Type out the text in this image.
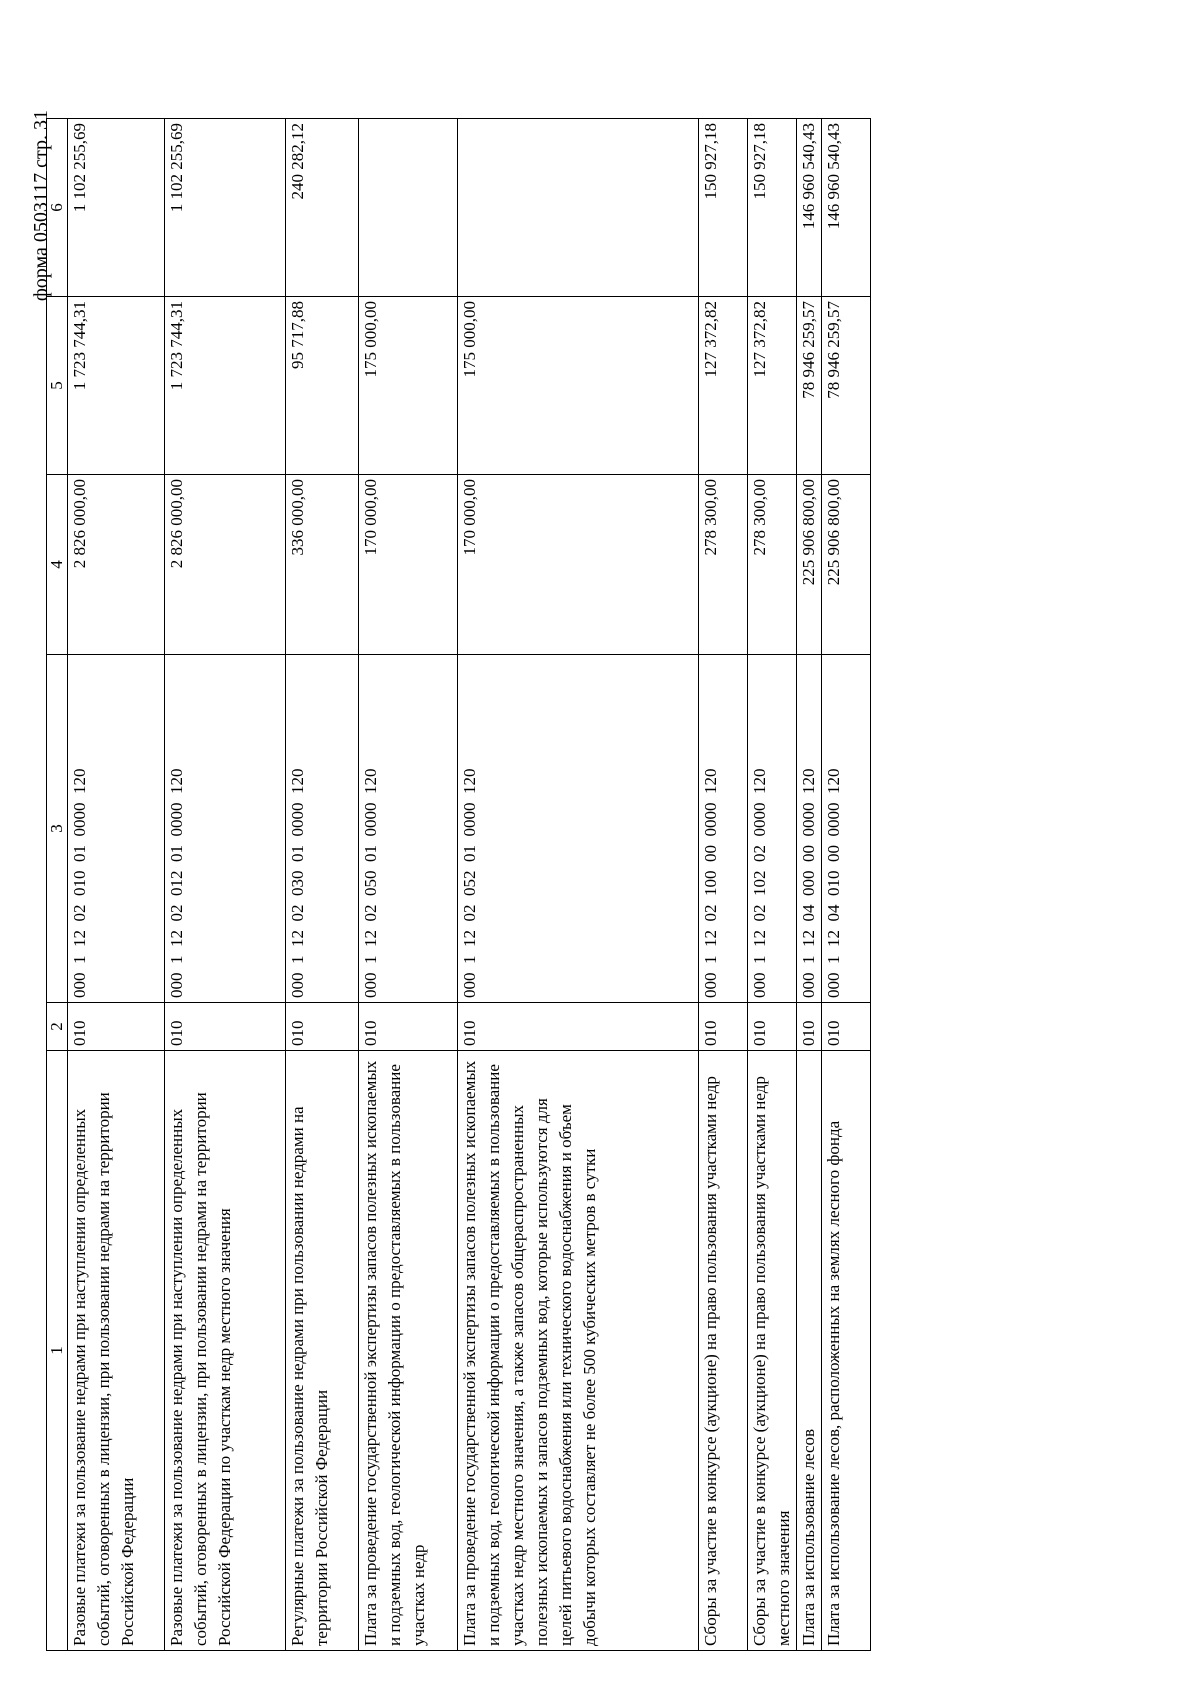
форма 0503117 стр. 31
1	2	3	4	5	6
Разовые платежи за пользование недрами при наступлении определенных событий, оговоренных в лицензии, при пользовании недрами на территории Российской Федерации	010	000  1  12  02  010  01  0000  120	2 826 000,00	1 723 744,31	1 102 255,69
Разовые платежи за пользование недрами при наступлении определенных событий, оговоренных в лицензии, при пользовании недрами на территории Российской Федерации по участкам недр местного значения	010	000  1  12  02  012  01  0000  120	2 826 000,00	1 723 744,31	1 102 255,69
Регулярные платежи за пользование недрами при пользовании недрами на территории Российской Федерации	010	000  1  12  02  030  01  0000  120	336 000,00	95 717,88	240 282,12
Плата за проведение государственной экспертизы запасов полезных ископаемых и подземных вод, геологической информации о предоставляемых в пользование участках недр	010	000  1  12  02  050  01  0000  120	170 000,00	175 000,00	
Плата за проведение государственной экспертизы запасов полезных ископаемых и подземных вод, геологической информации о предоставляемых в пользование участках недр местного значения, а также запасов общераспространенных полезных ископаемых и запасов подземных вод, которые используются для целей питьевого водоснабжения или технического водоснабжения и объем добычи которых составляет не более 500 кубических метров в сутки	010	000  1  12  02  052  01  0000  120	170 000,00	175 000,00	
Сборы за участие в конкурсе (аукционе) на право пользования участками недр	010	000  1  12  02  100  00  0000  120	278 300,00	127 372,82	150 927,18
Сборы за участие в конкурсе (аукционе) на право пользования участками недр местного значения	010	000  1  12  02  102  02  0000  120	278 300,00	127 372,82	150 927,18
Плата за использование лесов	010	000  1  12  04  000  00  0000  120	225 906 800,00	78 946 259,57	146 960 540,43
Плата за использование лесов, расположенных на землях лесного фонда	010	000  1  12  04  010  00  0000  120	225 906 800,00	78 946 259,57	146 960 540,43
